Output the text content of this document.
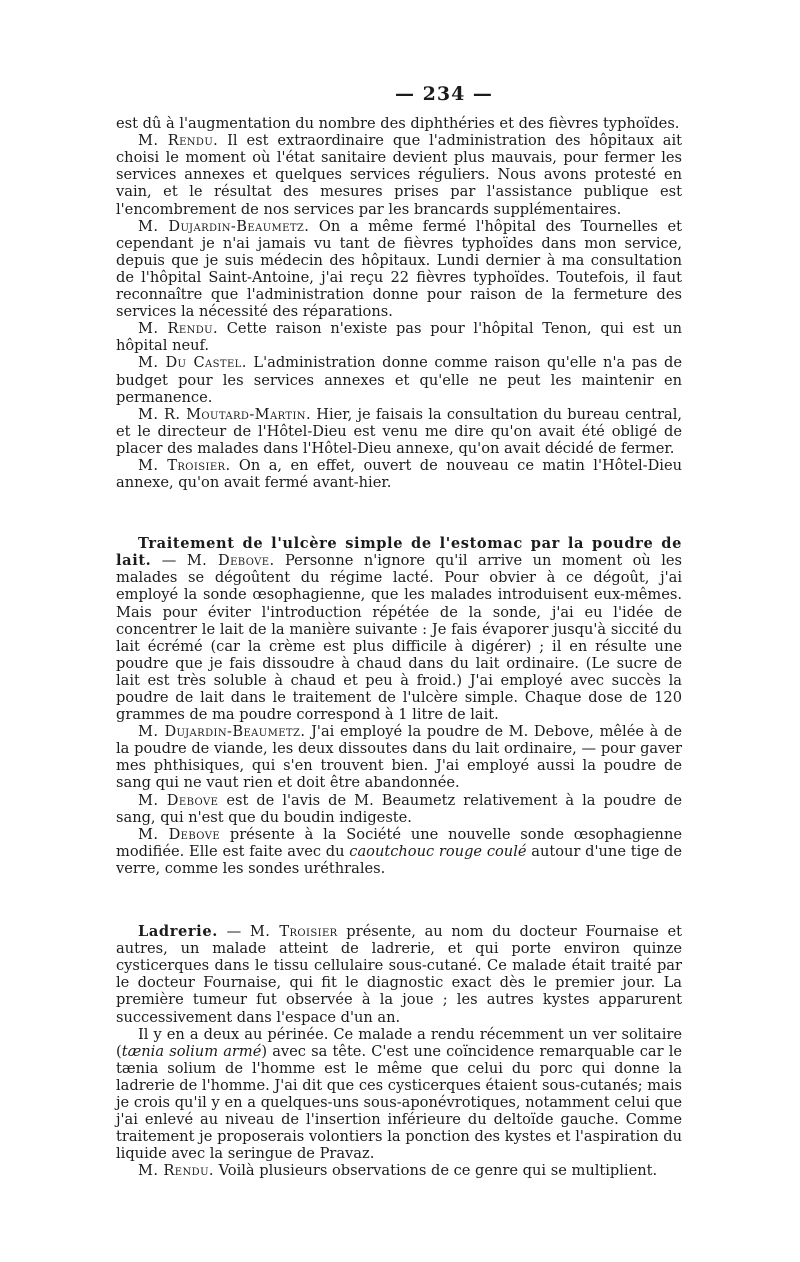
— 234 —

est dû à l'augmentation du nombre des diphthéries et des fièvres typhoïdes.

M. Rendu. Il est extraordinaire que l'administration des hôpitaux ait choisi le moment où l'état sanitaire devient plus mauvais, pour fermer les services annexes et quelques services réguliers. Nous avons protesté en vain, et le résultat des mesures prises par l'assistance publique est l'encombrement de nos services par les brancards supplémentaires.

M. Dujardin-Beaumetz. On a même fermé l'hôpital des Tournelles et cependant je n'ai jamais vu tant de fièvres typhoïdes dans mon service, depuis que je suis médecin des hôpitaux. Lundi dernier à ma consultation de l'hôpital Saint-Antoine, j'ai reçu 22 fièvres typhoïdes. Toutefois, il faut reconnaître que l'administration donne pour raison de la fermeture des services la nécessité des réparations.

M. Rendu. Cette raison n'existe pas pour l'hôpital Tenon, qui est un hôpital neuf.

M. Du Castel. L'administration donne comme raison qu'elle n'a pas de budget pour les services annexes et qu'elle ne peut les maintenir en permanence.

M. R. Moutard-Martin. Hier, je faisais la consultation du bureau central, et le directeur de l'Hôtel-Dieu est venu me dire qu'on avait été obligé de placer des malades dans l'Hôtel-Dieu annexe, qu'on avait décidé de fermer.

M. Troisier. On a, en effet, ouvert de nouveau ce matin l'Hôtel-Dieu annexe, qu'on avait fermé avant-hier.

Traitement de l'ulcère simple de l'estomac par la poudre de lait. — M. Debove. Personne n'ignore qu'il arrive un moment où les malades se dégoûtent du régime lacté. Pour obvier à ce dégoût, j'ai employé la sonde œsophagienne, que les malades introduisent eux-mêmes. Mais pour éviter l'introduction répétée de la sonde, j'ai eu l'idée de concentrer le lait de la manière suivante : Je fais évaporer jusqu'à siccité du lait écrémé (car la crème est plus difficile à digérer) ; il en résulte une poudre que je fais dissoudre à chaud dans du lait ordinaire. (Le sucre de lait est très soluble à chaud et peu à froid.) J'ai employé avec succès la poudre de lait dans le traitement de l'ulcère simple. Chaque dose de 120 grammes de ma poudre correspond à 1 litre de lait.

M. Dujardin-Beaumetz. J'ai employé la poudre de M. Debove, mêlée à de la poudre de viande, les deux dissoutes dans du lait ordinaire, — pour gaver mes phthisiques, qui s'en trouvent bien. J'ai employé aussi la poudre de sang qui ne vaut rien et doit être abandonnée.

M. Debove est de l'avis de M. Beaumetz relativement à la poudre de sang, qui n'est que du boudin indigeste.

M. Debove présente à la Société une nouvelle sonde œsophagienne modifiée. Elle est faite avec du caoutchouc rouge coulé autour d'une tige de verre, comme les sondes uréthrales.

Ladrerie. — M. Troisier présente, au nom du docteur Fournaise et autres, un malade atteint de ladrerie, et qui porte environ quinze cysticerques dans le tissu cellulaire sous-cutané. Ce malade était traité par le docteur Fournaise, qui fit le diagnostic exact dès le premier jour. La première tumeur fut observée à la joue ; les autres kystes apparurent successivement dans l'espace d'un an.

Il y en a deux au périnée. Ce malade a rendu récemment un ver solitaire (tænia solium armé) avec sa tête. C'est une coïncidence remarquable car le tænia solium de l'homme est le même que celui du porc qui donne la ladrerie de l'homme. J'ai dit que ces cysticerques étaient sous-cutanés; mais je crois qu'il y en a quelques-uns sous-aponévrotiques, notamment celui que j'ai enlevé au niveau de l'insertion inférieure du deltoïde gauche. Comme traitement je proposerais volontiers la ponction des kystes et l'aspiration du liquide avec la seringue de Pravaz.

M. Rendu. Voilà plusieurs observations de ce genre qui se multiplient.
